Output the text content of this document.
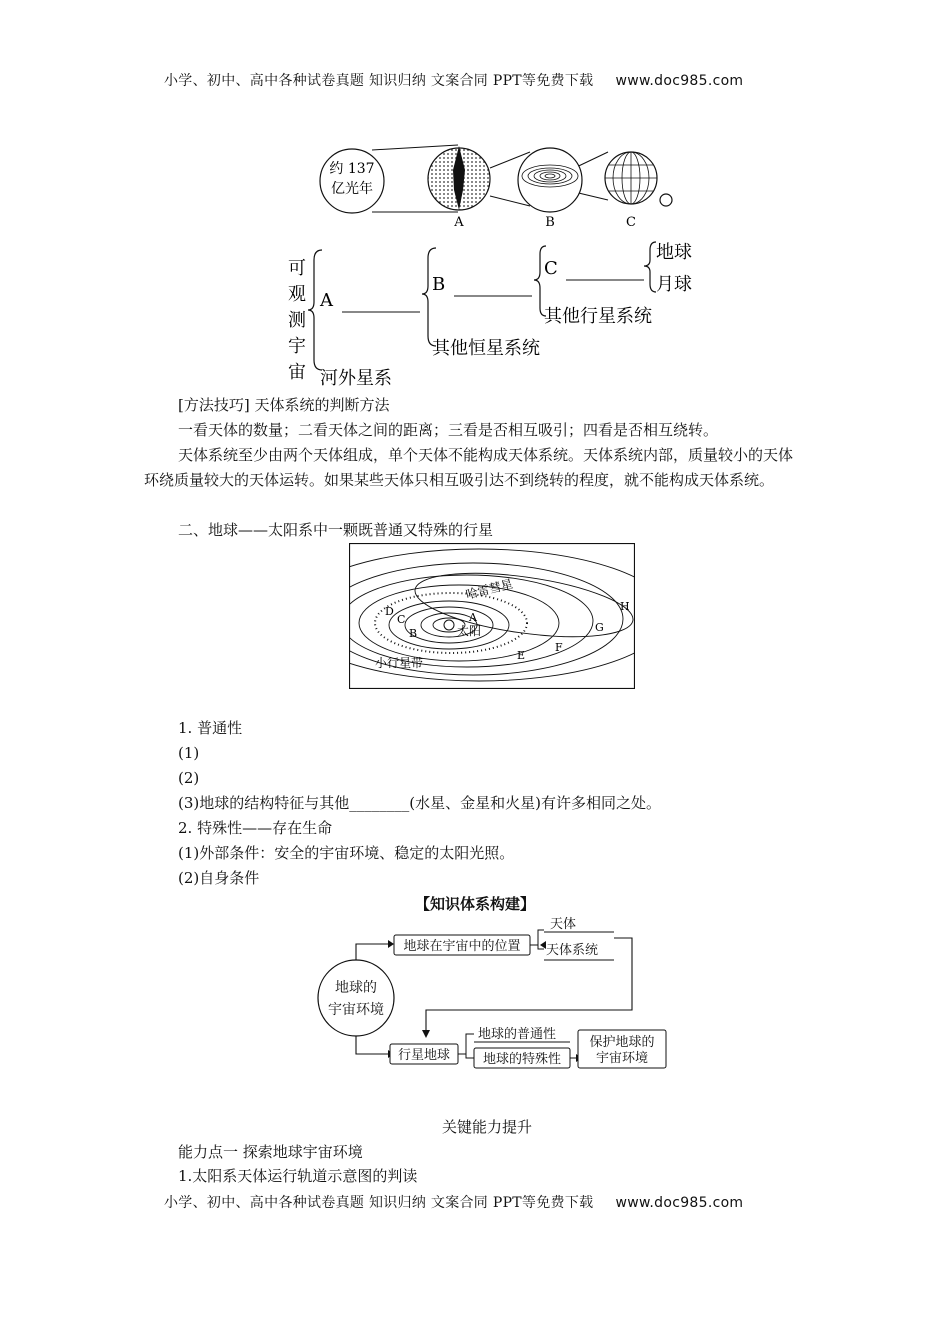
小学、初中、高中各种试卷真题 知识归纳 文案合同 PPT等免费下载 www.doc985.com
约 137
亿光年
A	B	C
可
观
测
宇
宙
A
河外星系
B
其他恒星系统
C
其他行星系统
地球
月球
[方法技巧] 天体系统的判断方法
一看天体的数量；二看天体之间的距离；三看是否相互吸引；四看是否相互绕转。
天体系统至少由两个天体组成，单个天体不能构成天体系统。天体系统内部，质量较小的天体环绕质量较大的天体运转。如果某些天体只相互吸引达不到绕转的程度，就不能构成天体系统。
二、地球——太阳系中一颗既普通又特殊的行星
太阳
哈雷彗星
小行星带
A
B
C
D
E
F
G
H
1. 普通性
(1)
(2)
(3)地球的结构特征与其他________(水星、金星和火星)有许多相同之处。
2. 特殊性——存在生命
(1)外部条件：安全的宇宙环境、稳定的太阳光照。
(2)自身条件
【知识体系构建】
地球的
宇宙环境
地球在宇宙中的位置
天体
天体系统
行星地球
地球的普通性
地球的特殊性
保护地球的
宇宙环境
关键能力提升
能力点一 探索地球宇宙环境
1.太阳系天体运行轨道示意图的判读
小学、初中、高中各种试卷真题 知识归纳 文案合同 PPT等免费下载 www.doc985.com
